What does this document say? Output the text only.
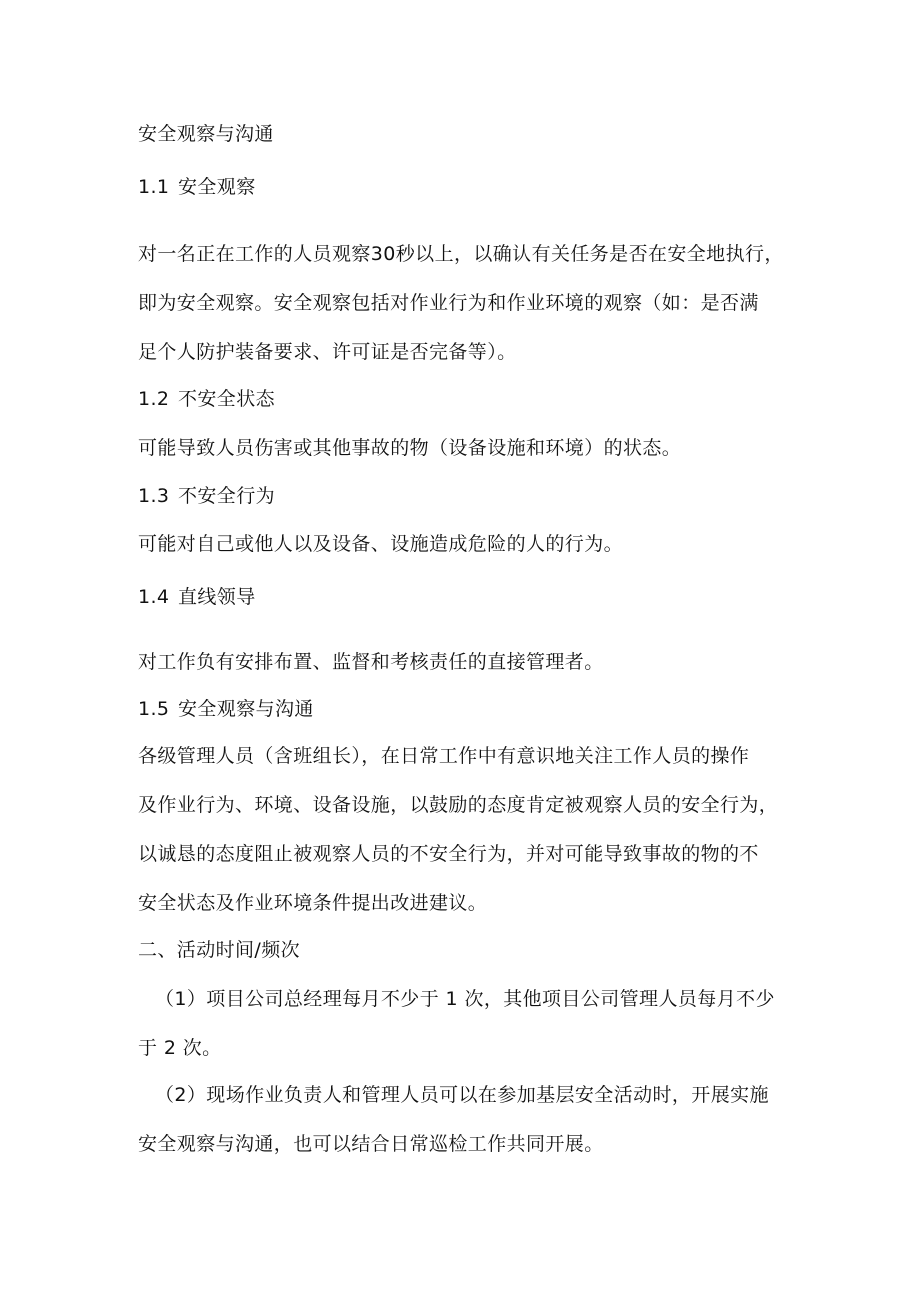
安全观察与沟通
1.1 安全观察
对一名正在工作的人员观察30秒以上，以确认有关任务是否在安全地执行，
即为安全观察。安全观察包括对作业行为和作业环境的观察（如：是否满
足个人防护装备要求、许可证是否完备等）。
1.2 不安全状态
可能导致人员伤害或其他事故的物（设备设施和环境）的状态。
1.3 不安全行为
可能对自己或他人以及设备、设施造成危险的人的行为。
1.4 直线领导
对工作负有安排布置、监督和考核责任的直接管理者。
1.5 安全观察与沟通
各级管理人员（含班组长），在日常工作中有意识地关注工作人员的操作
及作业行为、环境、设备设施，以鼓励的态度肯定被观察人员的安全行为，
以诚恳的态度阻止被观察人员的不安全行为，并对可能导致事故的物的不
安全状态及作业环境条件提出改进建议。
二、活动时间/频次
（1）项目公司总经理每月不少于 1 次，其他项目公司管理人员每月不少
于 2 次。
（2）现场作业负责人和管理人员可以在参加基层安全活动时，开展实施
安全观察与沟通，也可以结合日常巡检工作共同开展。
